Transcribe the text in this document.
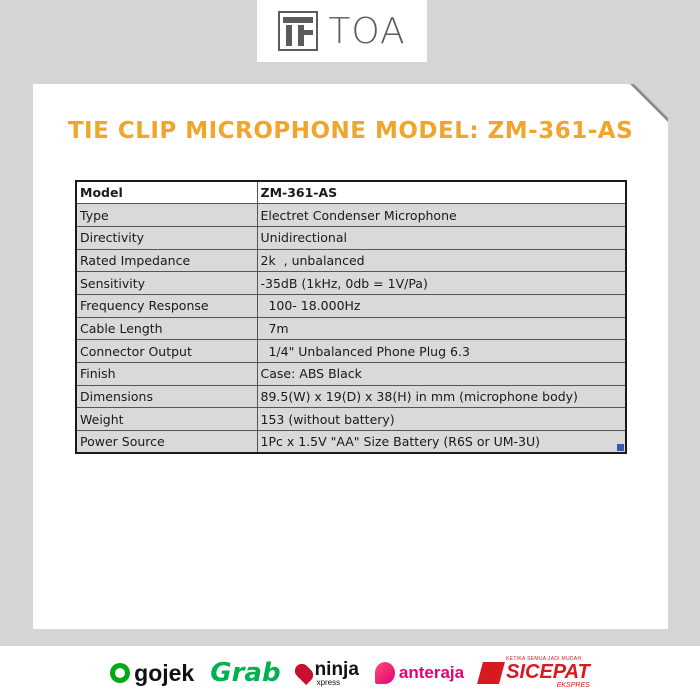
TOA
TIE CLIP MICROPHONE MODEL: ZM-361-AS
Model	ZM-361-AS
Type	Electret Condenser Microphone
Directivity	Unidirectional
Rated Impedance	2k  , unbalanced
Sensitivity	-35dB (1kHz, 0db = 1V/Pa)
Frequency Response	100- 18.000Hz
Cable Length	7m
Connector Output	1/4" Unbalanced Phone Plug 6.3
Finish	Case: ABS Black
Dimensions	89.5(W) x 19(D) x 38(H) in mm (microphone body)
Weight	153 (without battery)
Power Source	1Pc x 1.5V "AA" Size Battery (R6S or UM-3U)
gojek Grab ninja
xpress	anteraja
KETIKA SEMUA JADI MUDAH
SICEPAT
EKSPRES
